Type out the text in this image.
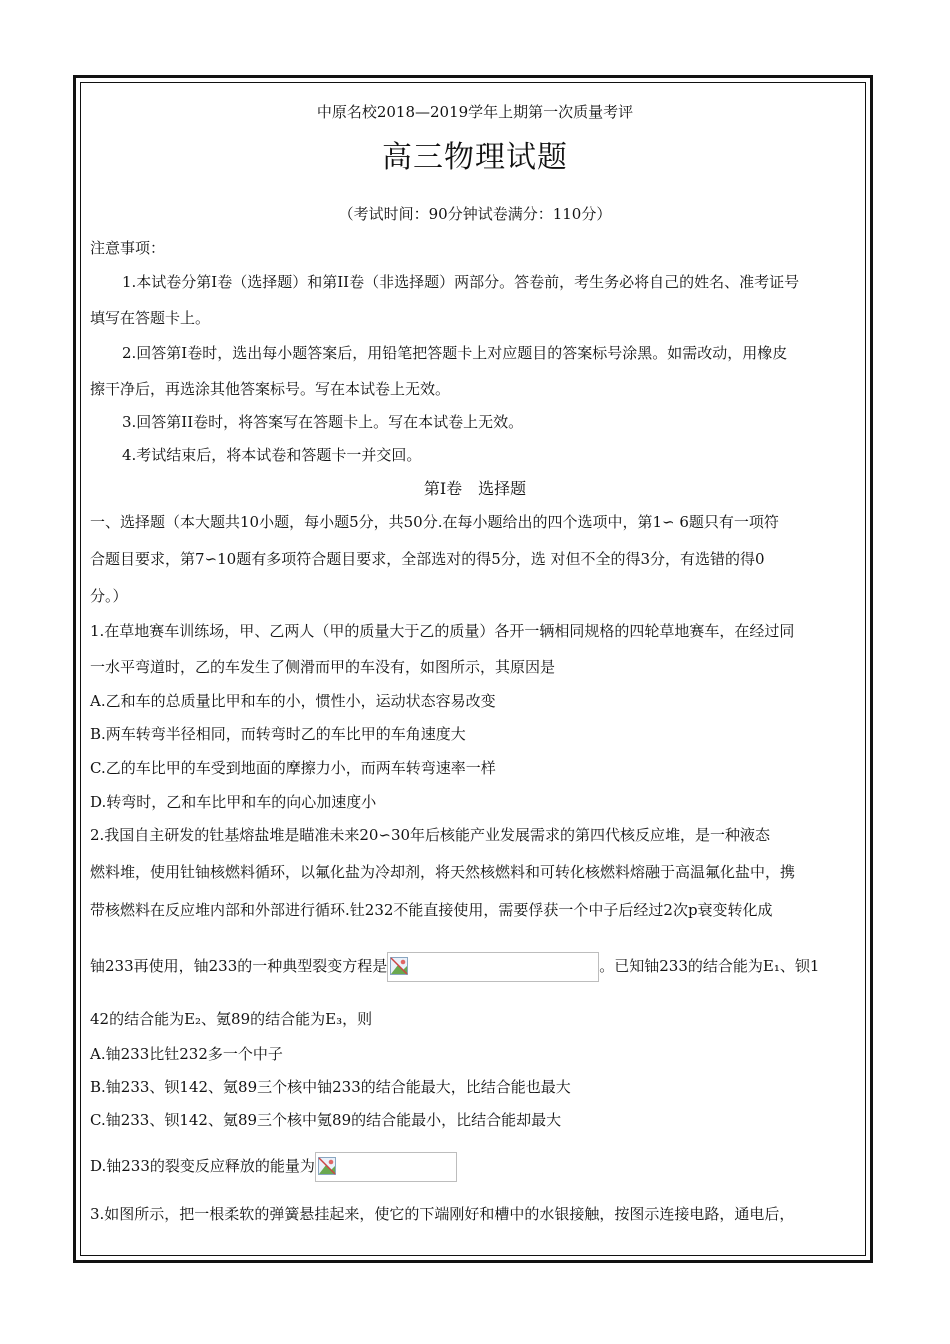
中原名校2018—2019学年上期第一次质量考评
高三物理试题
（考试时间：90分钟试卷满分：110分）
注意事项：
1.本试卷分第Ⅰ卷（选择题）和第II卷（非选择题）两部分。答卷前，考生务必将自己的姓名、准考证号
填写在答题卡上。
2.回答第Ⅰ卷时，选出每小题答案后，用铅笔把答题卡上对应题目的答案标号涂黑。如需改动，用橡皮
擦干净后，再选涂其他答案标号。写在本试卷上无效。
3.回答第II卷时，将答案写在答题卡上。写在本试卷上无效。
4.考试结束后，将本试卷和答题卡一并交回。
第Ⅰ卷　选择题
一、选择题（本大题共10小题，每小题5分，共50分.在每小题给出的四个选项中，第1∽ 6题只有一项符
合题目要求，第7∽10题有多项符合题目要求，全部选对的得5分，选 对但不全的得3分，有选错的得0
分。）
1.在草地赛车训练场，甲、乙两人（甲的质量大于乙的质量）各开一辆相同规格的四轮草地赛车，在经过同
一水平弯道时，乙的车发生了侧滑而甲的车没有，如图所示，其原因是
A.乙和车的总质量比甲和车的小，惯性小，运动状态容易改变
B.两车转弯半径相同，而转弯时乙的车比甲的车角速度大
C.乙的车比甲的车受到地面的摩擦力小，而两车转弯速率一样
D.转弯时，乙和车比甲和车的向心加速度小
2.我国自主研发的钍基熔盐堆是瞄准未来20∽30年后核能产业发展需求的第四代核反应堆，是一种液态
燃料堆，使用钍铀核燃料循环，以氟化盐为冷却剂，将天然核燃料和可转化核燃料熔融于高温氟化盐中，携
带核燃料在反应堆内部和外部进行循环.钍232不能直接使用，需要俘获一个中子后经过2次p衰变转化成
铀233再使用，铀233的一种典型裂变方程是	。已知铀233的结合能为E₁、钡1
42的结合能为E₂、氪89的结合能为E₃，则
A.铀233比钍232多一个中子
B.铀233、钡142、氪89三个核中铀233的结合能最大，比结合能也最大
C.铀233、钡142、氪89三个核中氪89的结合能最小，比结合能却最大
D.铀233的裂变反应释放的能量为
3.如图所示，把一根柔软的弹簧悬挂起来，使它的下端刚好和槽中的水银接触，按图示连接电路，通电后，
